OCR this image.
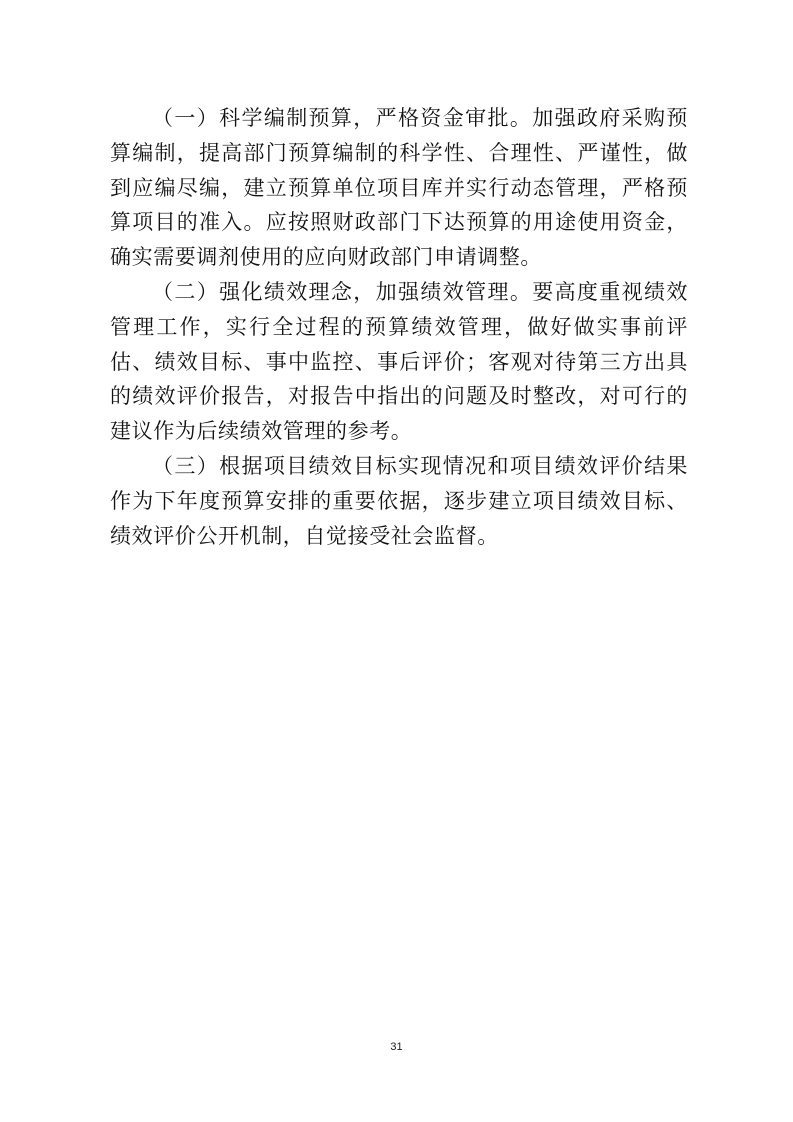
（一）科学编制预算，严格资金审批。加强政府采购预算编制，提高部门预算编制的科学性、合理性、严谨性，做到应编尽编，建立预算单位项目库并实行动态管理，严格预算项目的准入。应按照财政部门下达预算的用途使用资金，确实需要调剂使用的应向财政部门申请调整。

（二）强化绩效理念，加强绩效管理。要高度重视绩效管理工作，实行全过程的预算绩效管理，做好做实事前评估、绩效目标、事中监控、事后评价；客观对待第三方出具的绩效评价报告，对报告中指出的问题及时整改，对可行的建议作为后续绩效管理的参考。

（三）根据项目绩效目标实现情况和项目绩效评价结果作为下年度预算安排的重要依据，逐步建立项目绩效目标、绩效评价公开机制，自觉接受社会监督。

31
